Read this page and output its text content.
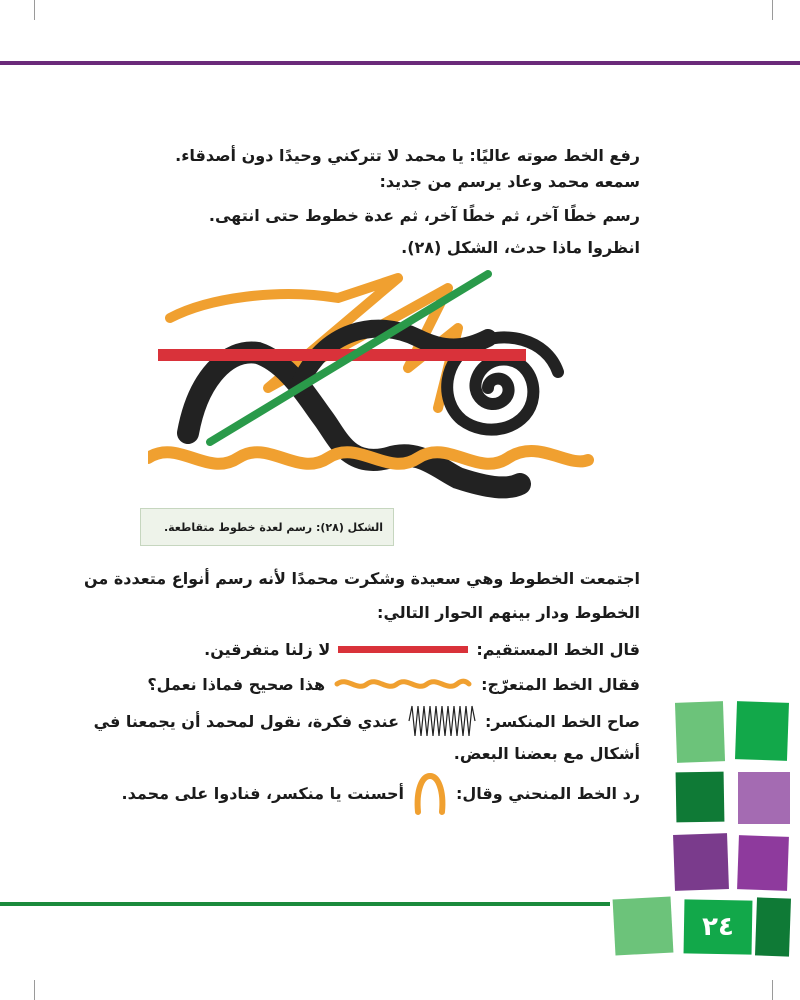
رفع الخط صوته عاليًا: يا محمد لا تتركني وحيدًا دون أصدقاء.
سمعه محمد وعاد يرسم من جديد:
رسم خطًا آخر، ثم خطًا آخر، ثم عدة خطوط حتى انتهى.
انظروا ماذا حدث، الشكل (٢٨).
الشكل (٢٨): رسم لعدة خطوط متقاطعة.
اجتمعت الخطوط وهي سعيدة وشكرت محمدًا لأنه رسم أنواع متعددة من الخطوط ودار بينهم الحوار التالي:
قال الخط المستقيم:
لا زلنا متفرقين.
فقال الخط المتعرّج:
هذا صحيح فماذا نعمل؟
صاح الخط المنكسر:
عندي فكرة، نقول لمحمد أن يجمعنا في
أشكال مع بعضنا البعض.
رد الخط المنحني وقال:
أحسنت يا منكسر، فنادوا على محمد.
٢٤
